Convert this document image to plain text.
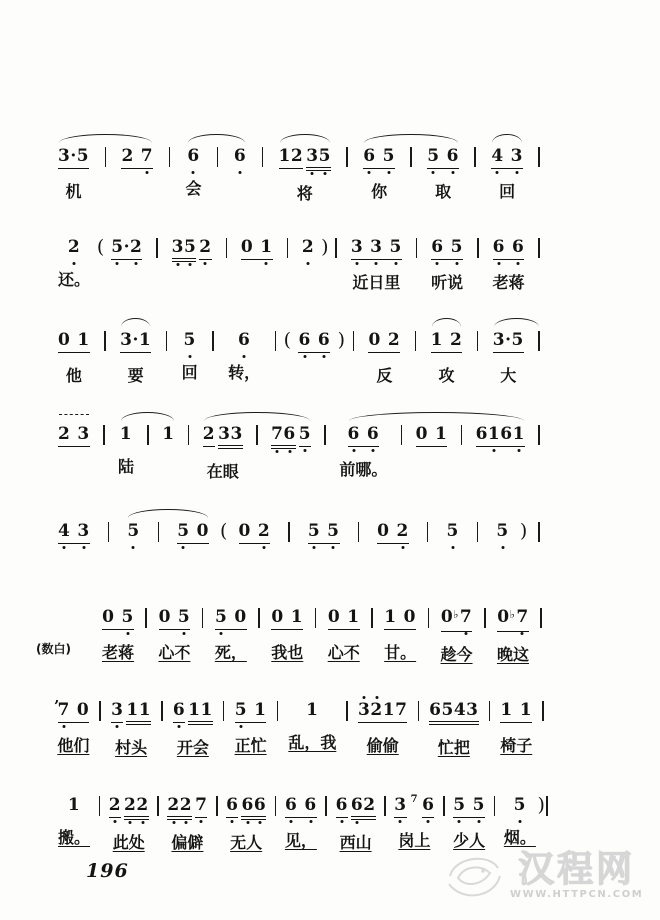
3·5
机
2 7 6
会
6 12 3
5
将
6 5
你
5 6
取
4 3
回
2
还。
( 5
·2 3
5 2 0 1 2 ) 3 3 5
近日里
6 5
听说
6 6
老蒋
0 1
他
3·1
要
5
回
6
转，
( 6 6 ) 0 2
反
1 2
攻
3·5
大
2 3 1
陆
1 2 33
在眼
7
6 5 6 6
前哪。
0 1 61
61
4 3 5 5 0 ( 0 2 5 5 0 2 5 5 )
(数白)
0 5
老蒋
0 5
心不
5 0
死，
0 1
我也
0 1
心不
1 0
甘。
0♭7
趁今
0♭7
晚这
’
7 0
他们
3 11
村头
6 11
开会
5 1
正忙
1
乱，我
3
2
17
偷偷
6543
忙把
1 1
椅子
1
搬。
2 2
2
此处
2
2 7
偏僻
6 6
6
无人
6 6
见，
6 6
2
西山
3 7 6
岗上
5 5
少人
5
烟。
)
196	汉程网
WWW.HTTPCN.COM
